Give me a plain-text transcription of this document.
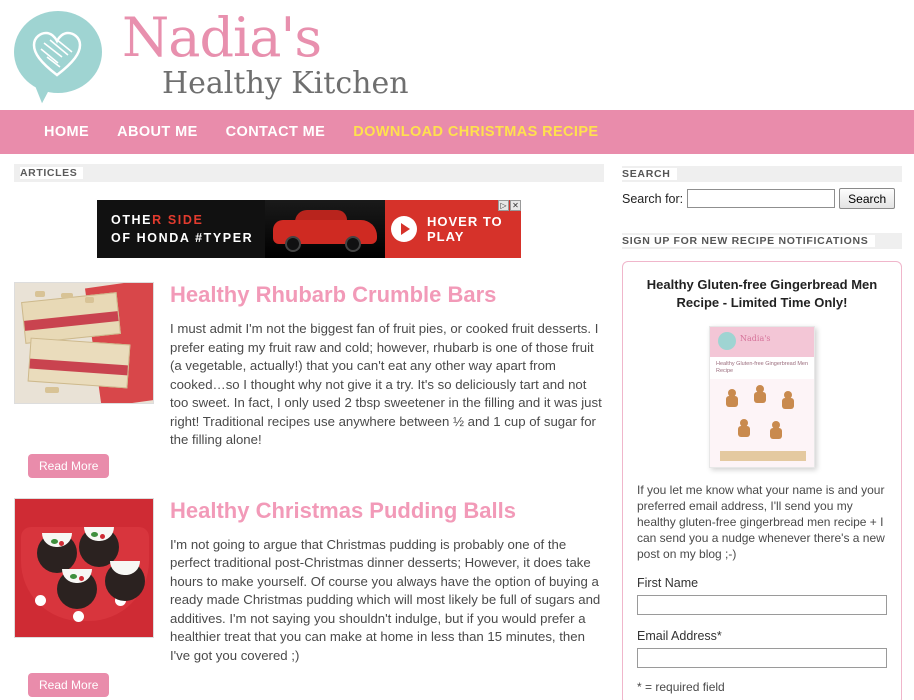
Nadia's
Healthy Kitchen
HOME	ABOUT ME	CONTACT ME	DOWNLOAD CHRISTMAS RECIPE
ARTICLES
OTHER SIDE
OF HONDA #TYPER
HOVER TO PLAY
▷ ✕
Healthy Rhubarb Crumble Bars

I must admit I'm not the biggest fan of fruit pies, or cooked fruit desserts. I prefer eating my fruit raw and cold; however, rhubarb is one of those fruit (a vegetable, actually!) that you can't eat any other way apart from cooked…so I thought why not give it a try. It's so deliciously tart and not too sweet. In fact, I only used 2 tbsp sweetener in the filling and it was just right! Traditional recipes use anywhere between ½ and 1 cup of sugar for the filling alone!

Read More
Healthy Christmas Pudding Balls

I'm not going to argue that Christmas pudding is probably one of the perfect traditional post-Christmas dinner desserts; However, it does take hours to make yourself. Of course you always have the option of buying a ready made Christmas pudding which will most likely be full of sugars and additives. I'm not saying you shouldn't indulge, but if you would prefer a healthier treat that you can make at home in less than 15 minutes, then I've got you covered ;)

Read More
SEARCH
Search for:	Search
SIGN UP FOR NEW RECIPE NOTIFICATIONS
Healthy Gluten-free Gingerbread Men Recipe - Limited Time Only!
Nadia's
Healthy Gluten-free Gingerbread Men Recipe
If you let me know what your name is and your preferred email address, I'll send you my healthy gluten-free gingerbread men recipe + I can send you a nudge whenever there's a new post on my blog ;-)
First Name
Email Address*
* = required field
